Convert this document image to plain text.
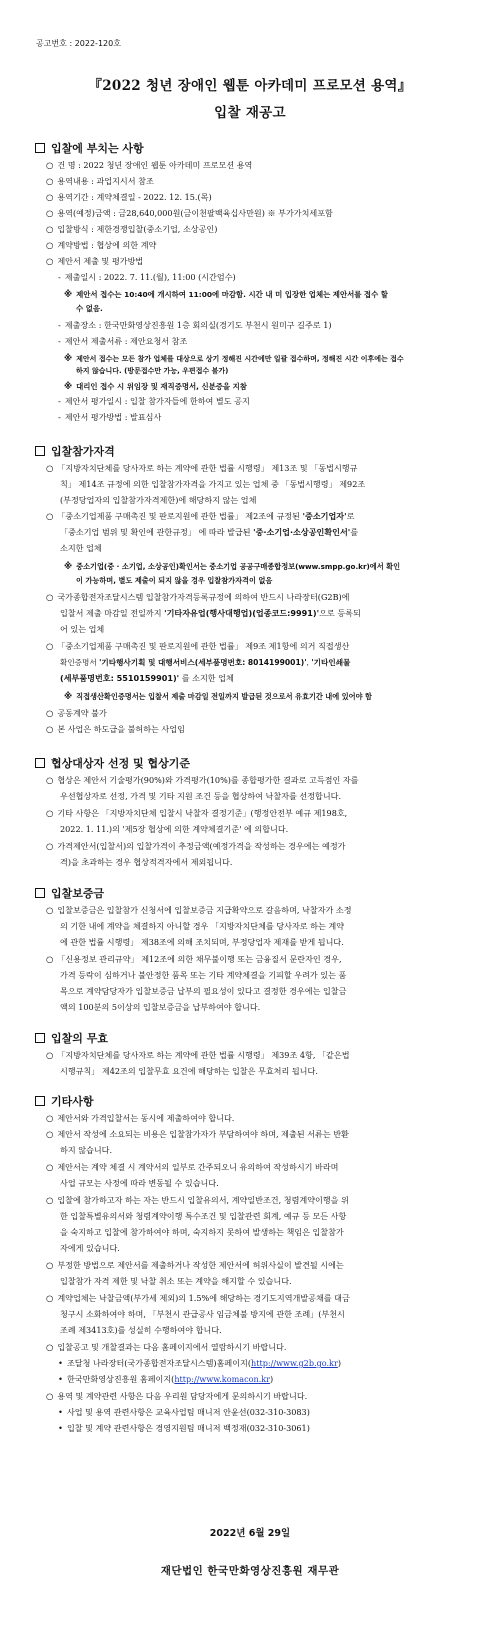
공고번호 : 2022-120호
『2022 청년 장애인 웹툰 아카데미 프로모션 용역』
입찰 재공고
입찰에 부치는 사항
○ 건 명 : 2022 청년 장애인 웹툰 아카데미 프로모션 용역
○ 용역내용 : 과업지시서 참조
○ 용역기간 : 계약체결일 - 2022. 12. 15.(목)
○ 용역(예정)금액 : 금28,640,000원(금이천팔백육십사만원) ※ 부가가치세포함
○ 입찰방식 : 제한경쟁입찰(중소기업, 소상공인)
○ 계약방법 : 협상에 의한 계약
○ 제안서 제출 및 평가방법
- 제출일시 : 2022. 7. 11.(월), 11:00 (시간엄수)
※ 제안서 접수는 10:40에 개시하여 11:00에 마감함. 시간 내 미 입장한 업체는 제안서를 접수 할
수 없음.
- 제출장소 : 한국만화영상진흥원 1층 회의실(경기도 부천시 원미구 길주로 1)
- 제안서 제출서류 : 제안요청서 참조
※ 제안서 접수는 모든 참가 업체를 대상으로 상기 정해진 시간에만 일괄 접수하며, 정해진 시간 이후에는 접수
하지 않습니다. (방문접수만 가능, 우편접수 불가)
※ 대리인 접수 시 위임장 및 재직증명서, 신분증을 지참
- 제안서 평가일시 : 입찰 참가자들에 한하여 별도 공지
- 제안서 평가방법 : 발표심사
입찰참가자격
○ 「지방자치단체를 당사자로 하는 계약에 관한 법률 시행령」 제13조 및 「동법시행규
칙」 제14조 규정에 의한 입찰참가자격을 가지고 있는 업체 중 「동법시행령」 제92조
(부정당업자의 입찰참가자격제한)에 해당하지 않는 업체
○ 「중소기업제품 구매촉진 및 판로지원에 관한 법률」 제2조에 규정된 '중소기업자'로
「중소기업 범위 및 확인에 관한규정」 에 따라 발급된 '중·소기업·소상공인확인서'를
소지한 업체
※ 중소기업(중 · 소기업, 소상공인)확인서는 중소기업 공공구매종합정보(www.smpp.go.kr)에서 확인
이 가능하며, 별도 제출이 되지 않을 경우 입찰참가자격이 없음
○ 국가종합전자조달시스템 입찰참가자격등록규정에 의하여 반드시 나라장터(G2B)에
입찰서 제출 마감일 전일까지 '기타자유업(행사대행업)(업종코드:9991)'으로 등록되
어 있는 업체
○ 「중소기업제품 구매촉진 및 판로지원에 관한 법률」 제9조 제1항에 의거 직접생산
확인증명서 '기타행사기획 및 대행서비스(세부품명번호: 8014199001)', '기타인쇄물
(세부품명번호: 5510159901)' 를 소지한 업체
※ 직접생산확인증명서는 입찰서 제출 마감일 전일까지 발급된 것으로서 유효기간 내에 있어야 함
○ 공동계약 불가
○ 본 사업은 하도급을 불허하는 사업임
협상대상자 선정 및 협상기준
○ 협상은 제안서 기술평가(90%)와 가격평가(10%)를 종합평가한 결과로 고득점인 자를
우선협상자로 선정, 가격 및 기타 지원 조건 등을 협상하여 낙찰자를 선정합니다.
○ 기타 사항은 「지방자치단체 입찰시 낙찰자 결정기준」(행정안전부 예규 제198호,
2022. 1. 11.)의 '제5장 협상에 의한 계약체결기준' 에 의합니다.
○ 가격제안서(입찰서)의 입찰가격이 추정금액(예정가격을 작성하는 경우에는 예정가
격)을 초과하는 경우 협상적격자에서 제외됩니다.
입찰보증금
○ 입찰보증금은 입찰참가 신청서에 입찰보증금 지급확약으로 갈음하며, 낙찰자가 소정
의 기한 내에 계약을 체결하지 아니할 경우 「지방자치단체를 당사자로 하는 계약
에 관한 법률 시행령」 제38조에 의해 조치되며, 부정당업자 제재를 받게 됩니다.
○ 「신용정보 관리규약」 제12조에 의한 채무불이행 또는 금융질서 문란자인 경우,
가격 등락이 심하거나 불안정한 품목 또는 기타 계약체결을 기피할 우려가 있는 품
목으로 계약담당자가 입찰보증금 납부의 필요성이 있다고 결정한 경우에는 입찰금
액의 100분의 5이상의 입찰보증금을 납부하여야 합니다.
입찰의 무효
○ 「지방자치단체를 당사자로 하는 계약에 관한 법률 시행령」 제39조 4항, 「같은법
시행규칙」 제42조의 입찰무효 요건에 해당하는 입찰은 무효처리 됩니다.
기타사항
○ 제안서와 가격입찰서는 동시에 제출하여야 합니다.
○ 제안서 작성에 소요되는 비용은 입찰참가자가 부담하여야 하며, 제출된 서류는 반환
하지 않습니다.
○ 제안서는 계약 체결 시 계약서의 일부로 간주되오니 유의하여 작성하시기 바라며
사업 규모는 사정에 따라 변동될 수 있습니다.
○ 입찰에 참가하고자 하는 자는 반드시 입찰유의서, 계약일반조건, 청렴계약이행을 위
한 입찰특별유의서와 청렴계약이행 특수조건 및 입찰관련 회계, 예규 등 모든 사항
을 숙지하고 입찰에 참가하여야 하며, 숙지하지 못하여 발생하는 책임은 입찰참가
자에게 있습니다.
○ 부정한 방법으로 제안서를 제출하거나 작성한 제안서에 허위사실이 발견될 시에는
입찰참가 자격 제한 및 낙찰 취소 또는 계약을 해지할 수 있습니다.
○ 계약업체는 낙찰금액(부가세 제외)의 1.5%에 해당하는 경기도지역개발공채를 대금
청구시 소화하여야 하며, 「부천시 관급공사 임금체불 방지에 관한 조례」(부천시
조례 제3413호)를 성실히 수행하여야 합니다.
○ 입찰공고 및 개찰결과는 다음 홈페이지에서 열람하시기 바랍니다.
• 조달청 나라장터(국가종합전자조달시스템)홈페이지(http://www.g2b.go.kr)
• 한국만화영상진흥원 홈페이지(http://www.komacon.kr)
○ 용역 및 계약관련 사항은 다음 우리원 담당자에게 문의하시기 바랍니다.
• 사업 및 용역 관련사항은 교육사업팀 매니저 안윤선(032-310-3083)
• 입찰 및 계약 관련사항은 경영지원팀 매니저 백정재(032-310-3061)
2022년 6월 29일
재단법인 한국만화영상진흥원 재무관
